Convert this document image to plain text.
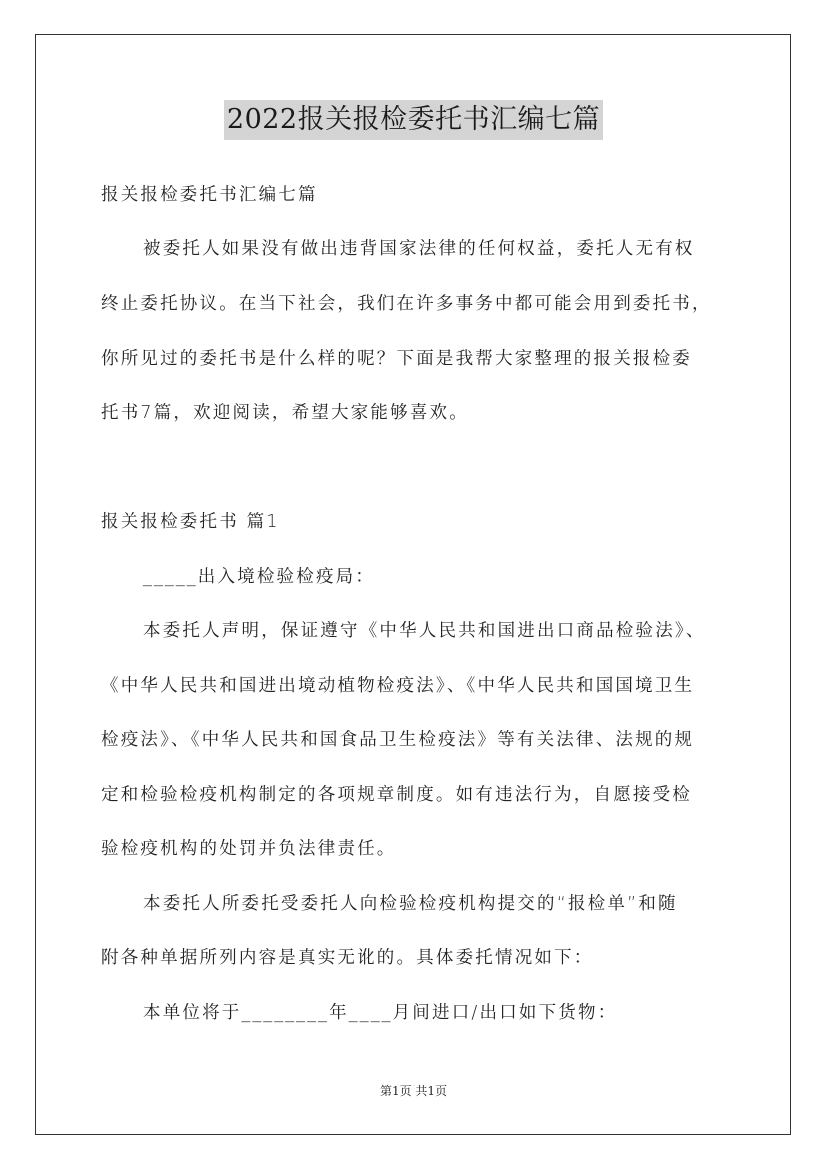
2022报关报检委托书汇编七篇
报关报检委托书汇编七篇
被委托人如果没有做出违背国家法律的任何权益，委托人无有权
终止委托协议。在当下社会，我们在许多事务中都可能会用到委托书，
你所见过的委托书是什么样的呢？下面是我帮大家整理的报关报检委
托书7篇，欢迎阅读，希望大家能够喜欢。
报关报检委托书 篇1
_____出入境检验检疫局：
本委托人声明，保证遵守《中华人民共和国进出口商品检验法》、
《中华人民共和国进出境动植物检疫法》、《中华人民共和国国境卫生
检疫法》、《中华人民共和国食品卫生检疫法》等有关法律、法规的规
定和检验检疫机构制定的各项规章制度。如有违法行为，自愿接受检
验检疫机构的处罚并负法律责任。
本委托人所委托受委托人向检验检疫机构提交的“报检单”和随
附各种单据所列内容是真实无讹的。具体委托情况如下：
本单位将于________年____月间进口/出口如下货物：
第1页 共1页
